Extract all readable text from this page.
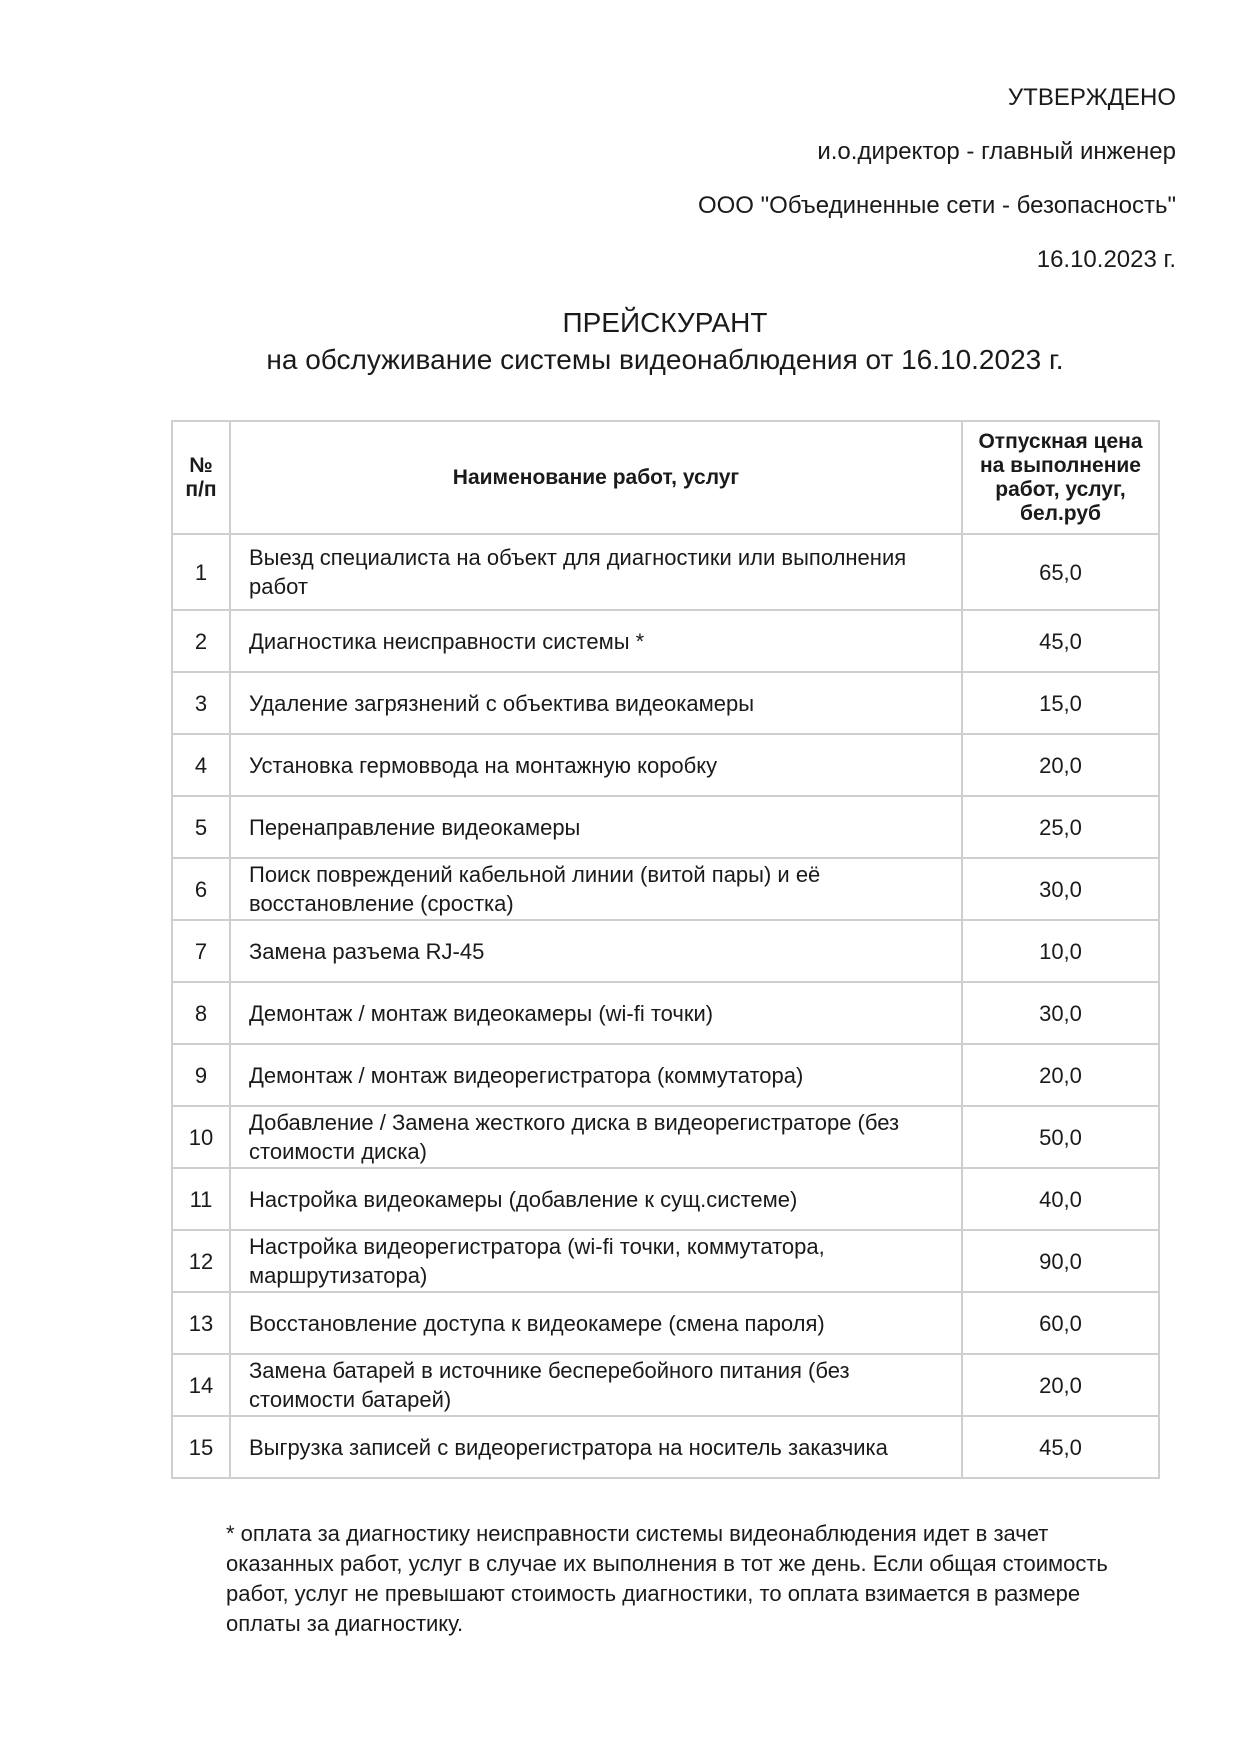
УТВЕРЖДЕНО
и.о.директор - главный инженер
ООО "Объединенные сети - безопасность"
16.10.2023 г.
ПРЕЙСКУРАНТ
на обслуживание системы видеонаблюдения от 16.10.2023 г.
№ п/п	Наименование работ, услуг	Отпускная цена на выполнение работ, услуг, бел.руб
1	Выезд специалиста на объект для диагностики или выполнения работ	65,0
2	Диагностика неисправности системы *	45,0
3	Удаление загрязнений с объектива видеокамеры	15,0
4	Установка гермоввода на монтажную коробку	20,0
5	Перенаправление видеокамеры	25,0
6	Поиск повреждений кабельной линии (витой пары) и её восстановление (сростка)	30,0
7	Замена разъема RJ-45	10,0
8	Демонтаж / монтаж видеокамеры (wi-fi точки)	30,0
9	Демонтаж / монтаж видеорегистратора (коммутатора)	20,0
10	Добавление / Замена жесткого диска в видеорегистраторе (без стоимости диска)	50,0
11	Настройка видеокамеры (добавление к сущ.системе)	40,0
12	Настройка видеорегистратора (wi-fi точки, коммутатора, маршрутизатора)	90,0
13	Восстановление доступа к видеокамере (смена пароля)	60,0
14	Замена батарей в источнике бесперебойного питания (без стоимости батарей)	20,0
15	Выгрузка записей с видеорегистратора на носитель заказчика	45,0
* оплата за диагностику неисправности системы видеонаблюдения идет в зачет оказанных работ, услуг в случае их выполнения в тот же день. Если общая стоимость работ, услуг не превышают стоимость диагностики, то оплата взимается в размере оплаты за диагностику.
